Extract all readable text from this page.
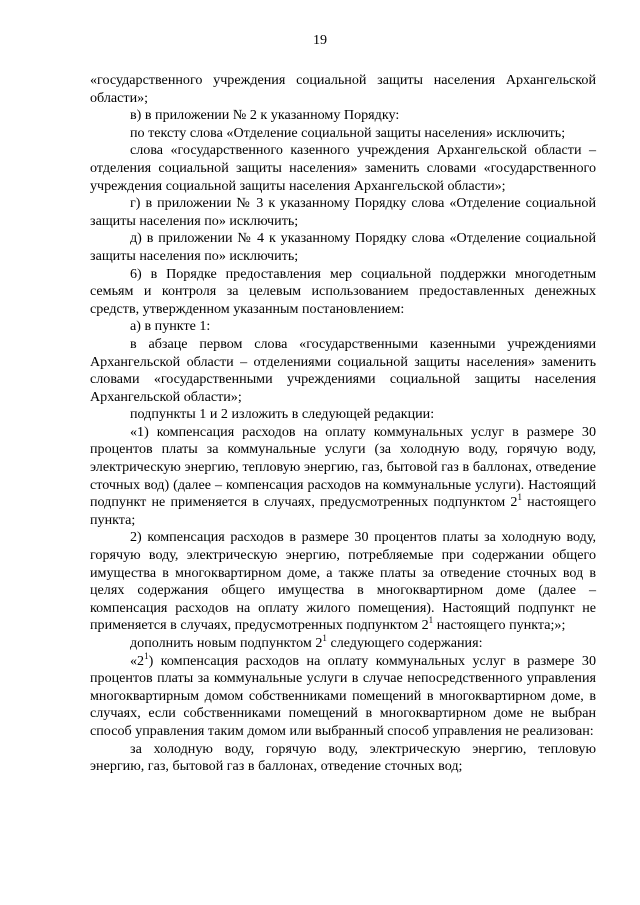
19

«государственного учреждения социальной защиты населения Архангельской области»;

в) в приложении № 2 к указанному Порядку:

по тексту слова «Отделение социальной защиты населения» исключить;

слова «государственного казенного учреждения Архангельской области – отделения социальной защиты населения» заменить словами «государственного учреждения социальной защиты населения Архангельской области»;

г) в приложении № 3 к указанному Порядку слова «Отделение социальной защиты населения по» исключить;

д) в приложении № 4 к указанному Порядку слова «Отделение социальной защиты населения по» исключить;

6) в Порядке предоставления мер социальной поддержки многодетным семьям и контроля за целевым использованием предоставленных денежных средств, утвержденном указанным постановлением:

а) в пункте 1:

в абзаце первом слова «государственными казенными учреждениями Архангельской области – отделениями социальной защиты населения» заменить словами «государственными учреждениями социальной защиты населения Архангельской области»;

подпункты 1 и 2 изложить в следующей редакции:

«1) компенсация расходов на оплату коммунальных услуг в размере 30 процентов платы за коммунальные услуги (за холодную воду, горячую воду, электрическую энергию, тепловую энергию, газ, бытовой газ в баллонах, отведение сточных вод) (далее – компенсация расходов на коммунальные услуги). Настоящий подпункт не применяется в случаях, предусмотренных подпунктом $2^1$ настоящего пункта;

2) компенсация расходов в размере 30 процентов платы за холодную воду, горячую воду, электрическую энергию, потребляемые при содержании общего имущества в многоквартирном доме, а также платы за отведение сточных вод в целях содержания общего имущества в многоквартирном доме (далее – компенсация расходов на оплату жилого помещения). Настоящий подпункт не применяется в случаях, предусмотренных подпунктом $2^1$ настоящего пункта;»;

дополнить новым подпунктом $2^1$ следующего содержания:

«$2^1$) компенсация расходов на оплату коммунальных услуг в размере 30 процентов платы за коммунальные услуги в случае непосредственного управления многоквартирным домом собственниками помещений в многоквартирном доме, в случаях, если собственниками помещений в многоквартирном доме не выбран способ управления таким домом или выбранный способ управления не реализован:

за холодную воду, горячую воду, электрическую энергию, тепловую энергию, газ, бытовой газ в баллонах, отведение сточных вод;
